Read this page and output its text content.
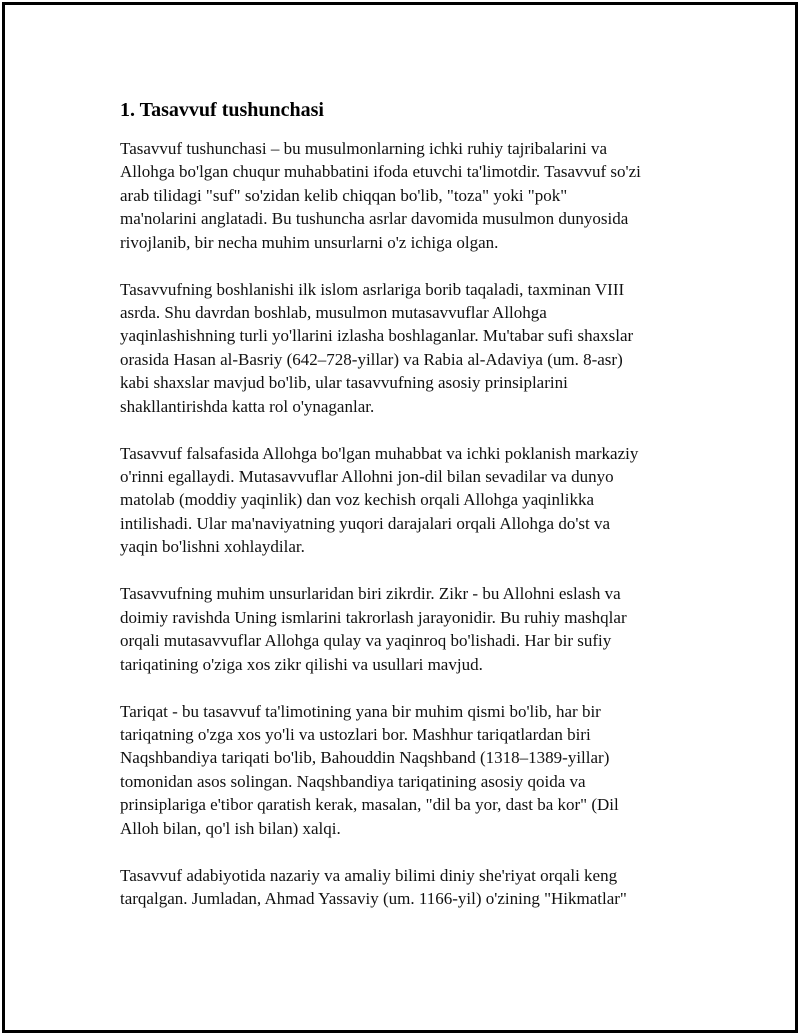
1. Tasavvuf tushunchasi

Tasavvuf tushunchasi – bu musulmonlarning ichki ruhiy tajribalarini va
Allohga bo'lgan chuqur muhabbatini ifoda etuvchi ta'limotdir. Tasavvuf so'zi
arab tilidagi "suf" so'zidan kelib chiqqan bo'lib, "toza" yoki "pok"
ma'nolarini anglatadi. Bu tushuncha asrlar davomida musulmon dunyosida
rivojlanib, bir necha muhim unsurlarni o'z ichiga olgan.

Tasavvufning boshlanishi ilk islom asrlariga borib taqaladi, taxminan VIII
asrda. Shu davrdan boshlab, musulmon mutasavvuflar Allohga
yaqinlashishning turli yo'llarini izlasha boshlaganlar. Mu'tabar sufi shaxslar
orasida Hasan al-Basriy (642–728-yillar) va Rabia al-Adaviya (um. 8-asr)
kabi shaxslar mavjud bo'lib, ular tasavvufning asosiy prinsiplarini
shakllantirishda katta rol o'ynaganlar.

Tasavvuf falsafasida Allohga bo'lgan muhabbat va ichki poklanish markaziy
o'rinni egallaydi. Mutasavvuflar Allohni jon-dil bilan sevadilar va dunyo
matolab (moddiy yaqinlik) dan voz kechish orqali Allohga yaqinlikka
intilishadi. Ular ma'naviyatning yuqori darajalari orqali Allohga do'st va
yaqin bo'lishni xohlaydilar.

Tasavvufning muhim unsurlaridan biri zikrdir. Zikr - bu Allohni eslash va
doimiy ravishda Uning ismlarini takrorlash jarayonidir. Bu ruhiy mashqlar
orqali mutasavvuflar Allohga qulay va yaqinroq bo'lishadi. Har bir sufiy
tariqatining o'ziga xos zikr qilishi va usullari mavjud.

Tariqat - bu tasavvuf ta'limotining yana bir muhim qismi bo'lib, har bir
tariqatning o'zga xos yo'li va ustozlari bor. Mashhur tariqatlardan biri
Naqshbandiya tariqati bo'lib, Bahouddin Naqshband (1318–1389-yillar)
tomonidan asos solingan. Naqshbandiya tariqatining asosiy qoida va
prinsiplariga e'tibor qaratish kerak, masalan, "dil ba yor, dast ba kor" (Dil
Alloh bilan, qo'l ish bilan) xalqi.

Tasavvuf adabiyotida nazariy va amaliy bilimi diniy she'riyat orqali keng
tarqalgan. Jumladan, Ahmad Yassaviy (um. 1166-yil) o'zining "Hikmatlar"
